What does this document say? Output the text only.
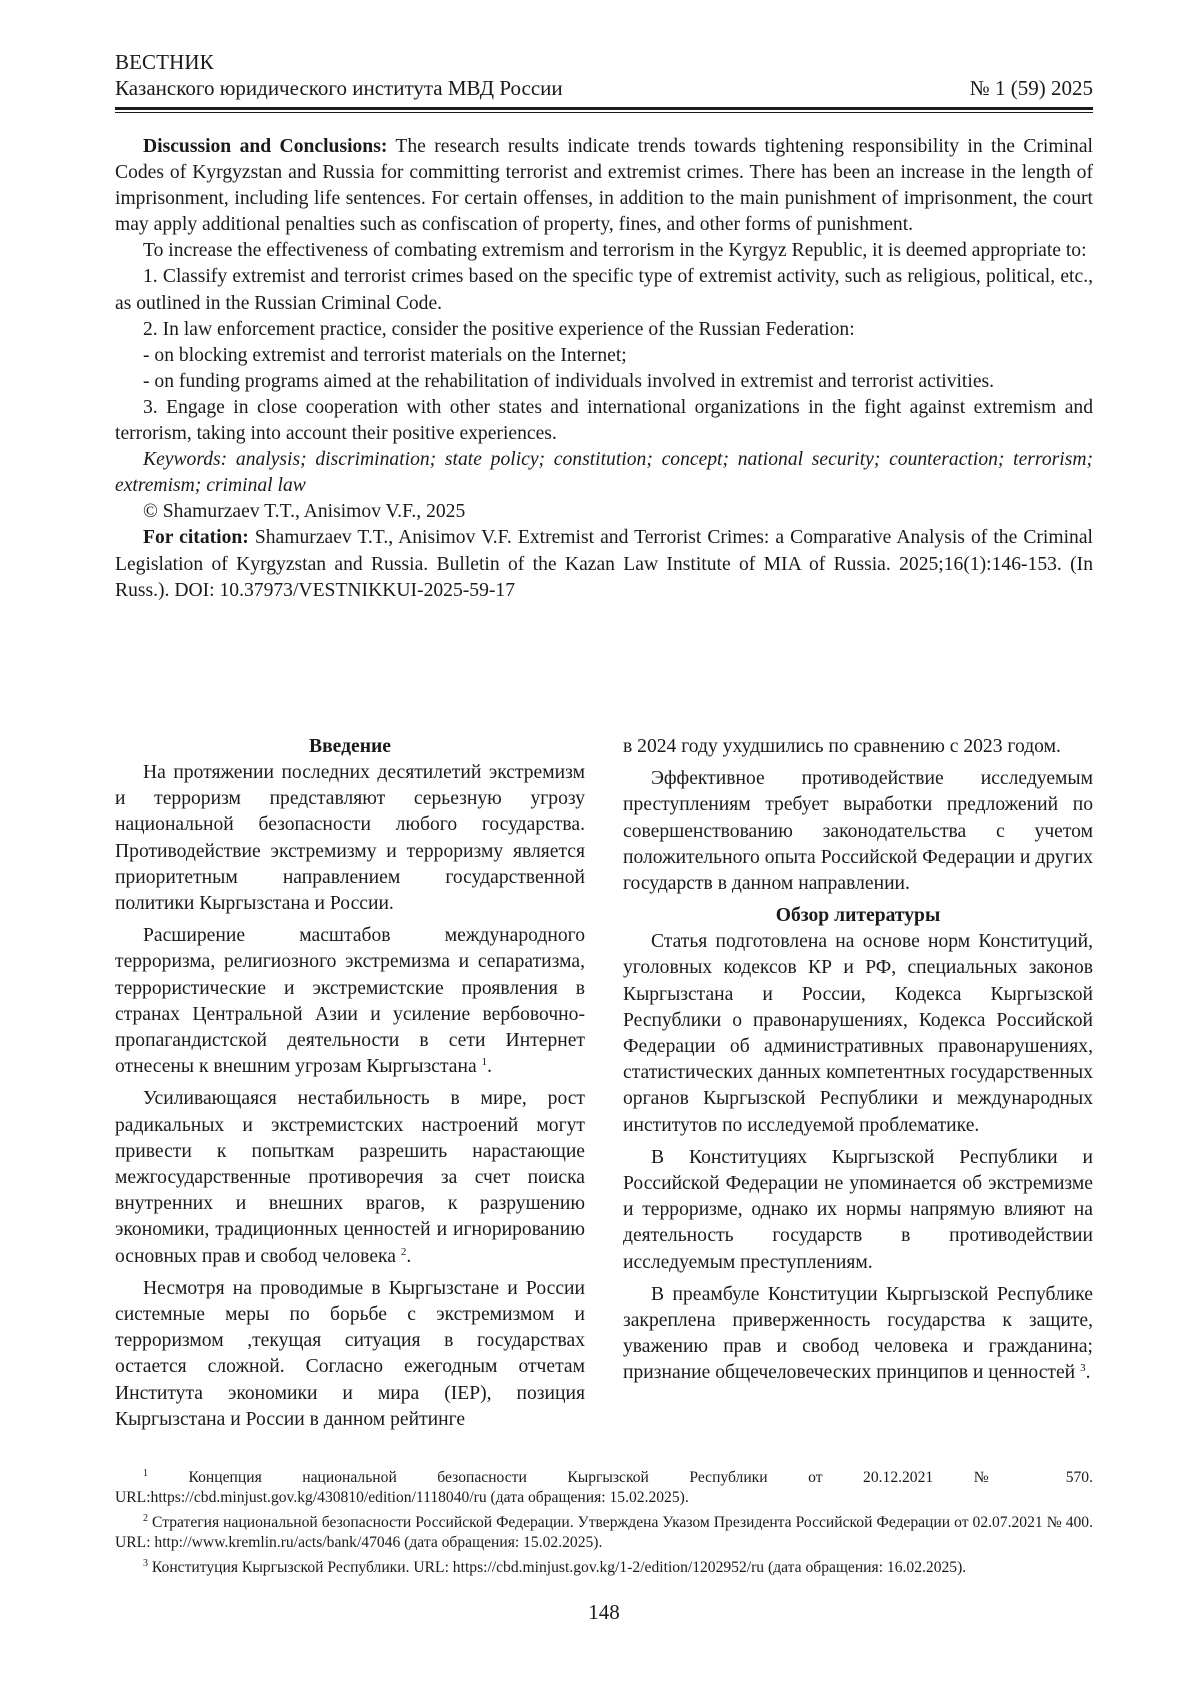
ВЕСТНИК
Казанского юридического института МВД России	№ 1 (59) 2025

Discussion and Conclusions: The research results indicate trends towards tightening responsibility in the Criminal Codes of Kyrgyzstan and Russia for committing terrorist and extremist crimes. There has been an increase in the length of imprisonment, including life sentences. For certain offenses, in addition to the main punishment of imprisonment, the court may apply additional penalties such as confiscation of property, fines, and other forms of punishment.

To increase the effectiveness of combating extremism and terrorism in the Kyrgyz Republic, it is deemed appropriate to:

1. Classify extremist and terrorist crimes based on the specific type of extremist activity, such as religious, political, etc., as outlined in the Russian Criminal Code.

2. In law enforcement practice, consider the positive experience of the Russian Federation:

- on blocking extremist and terrorist materials on the Internet;

- on funding programs aimed at the rehabilitation of individuals involved in extremist and terrorist activities.

3. Engage in close cooperation with other states and international organizations in the fight against extremism and terrorism, taking into account their positive experiences.

Keywords: analysis; discrimination; state policy; constitution; concept; national security; counteraction; terrorism; extremism; criminal law

© Shamurzaev T.T., Anisimov V.F., 2025

For citation: Shamurzaev T.T., Anisimov V.F. Extremist and Terrorist Crimes: a Comparative Analysis of the Criminal Legislation of Kyrgyzstan and Russia. Bulletin of the Kazan Law Institute of MIA of Russia. 2025;16(1):146-153. (In Russ.). DOI: 10.37973/VESTNIKKUI-2025-59-17

Введение

На протяжении последних десятилетий экстремизм и терроризм представляют серьезную угрозу национальной безопасности любого государства. Противодействие экстремизму и терроризму является приоритетным направлением государственной политики Кыргызстана и России.

Расширение масштабов международного терроризма, религиозного экстремизма и сепаратизма, террористические и экстремистские проявления в странах Центральной Азии и усиление вербовочно-пропагандистской деятельности в сети Интернет отнесены к внешним угрозам Кыргызстана $^1$.

Усиливающаяся нестабильность в мире, рост радикальных и экстремистских настроений могут привести к попыткам разрешить нарастающие межгосударственные противоречия за счет поиска внутренних и внешних врагов, к разрушению экономики, традиционных ценностей и игнорированию основных прав и свобод человека $^2$.

Несмотря на проводимые в Кыргызстане и России системные меры по борьбе с экстремизмом и терроризмом ,текущая ситуация в государствах остается сложной. Согласно ежегодным отчетам Института экономики и мира (IEP), позиция Кыргызстана и России в данном рейтинге

в 2024 году ухудшились по сравнению с 2023 годом.

Эффективное противодействие исследуемым преступлениям требует выработки предложений по совершенствованию законодательства с учетом положительного опыта Российской Федерации и других государств в данном направлении.

Обзор литературы

Статья подготовлена на основе норм Конституций, уголовных кодексов КР и РФ, специальных законов Кыргызстана и России, Кодекса Кыргызской Республики о правонарушениях, Кодекса Российской Федерации об административных правонарушениях, статистических данных компетентных государственных органов Кыргызской Республики и международных институтов по исследуемой проблематике.

В Конституциях Кыргызской Республики и Российской Федерации не упоминается об экстремизме и терроризме, однако их нормы напрямую влияют на деятельность государств в противодействии исследуемым преступлениям.

В преамбуле Конституции Кыргызской Республике закреплена приверженность государства к защите, уважению прав и свобод человека и гражданина; признание общечеловеческих принципов и ценностей $^3$.

$^1$ Концепция национальной безопасности Кыргызской Республики от 20.12.2021 № 570. URL:https://cbd.minjust.gov.kg/430810/edition/1118040/ru (дата обращения: 15.02.2025).

$^2$ Стратегия национальной безопасности Российской Федерации. Утверждена Указом Президента Российской Федерации от 02.07.2021 № 400. URL: http://www.kremlin.ru/acts/bank/47046 (дата обращения: 15.02.2025).

$^3$ Конституция Кыргызской Республики. URL: https://cbd.minjust.gov.kg/1-2/edition/1202952/ru (дата обращения: 16.02.2025).

148
